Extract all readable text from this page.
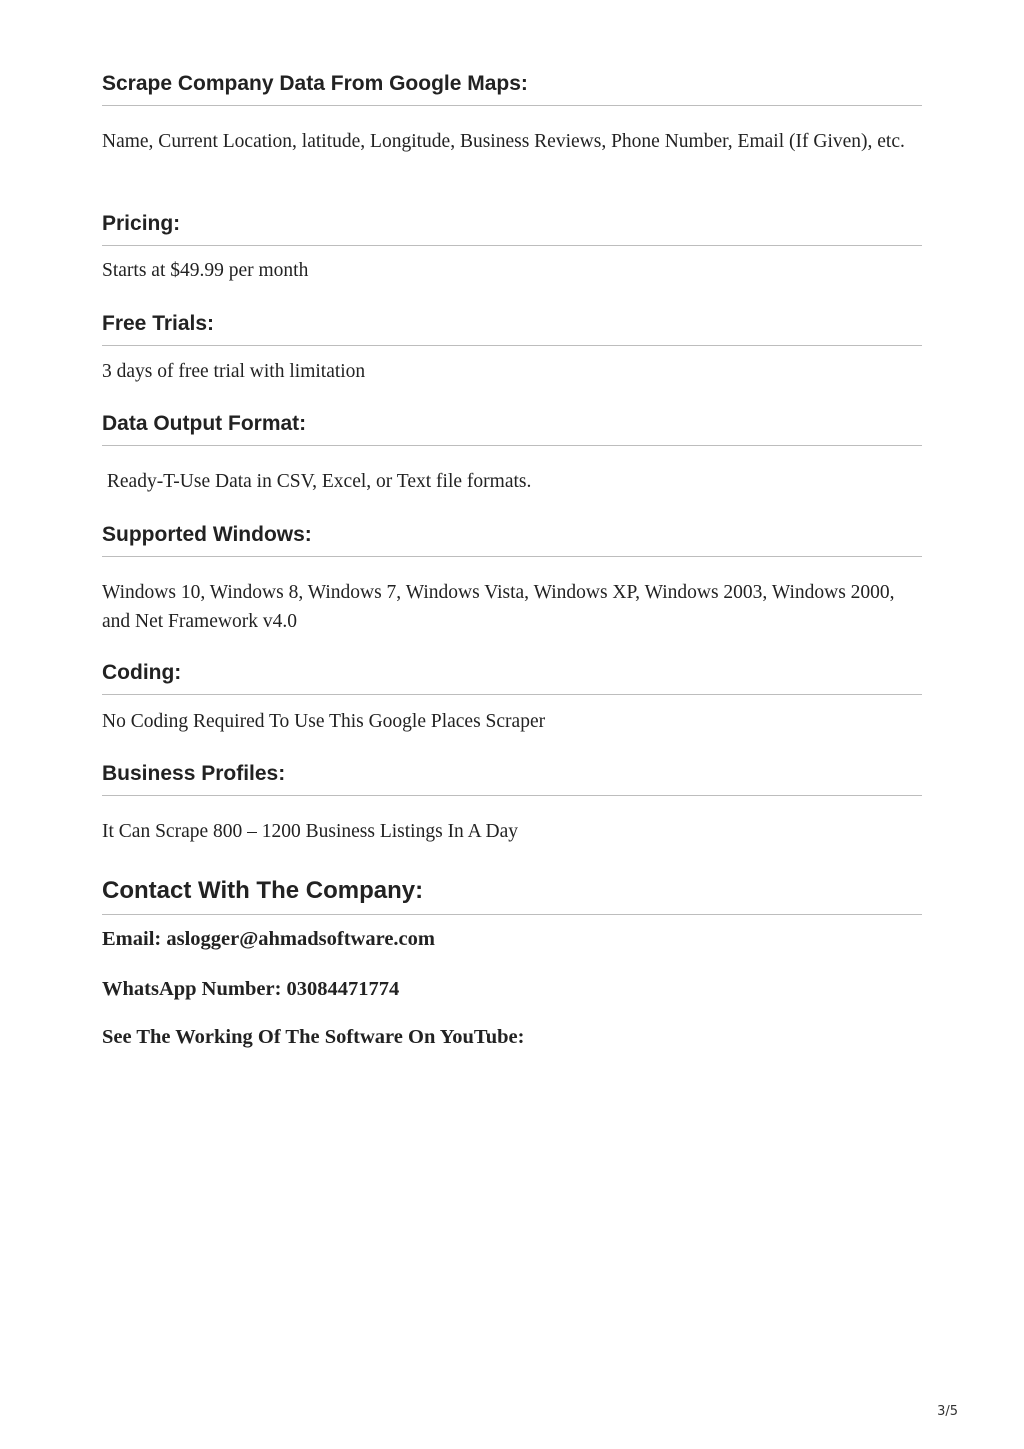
Scrape Company Data From Google Maps:

Name, Current Location, latitude, Longitude, Business Reviews, Phone Number, Email (If Given), etc.

Pricing:

Starts at $49.99 per month

Free Trials:

3 days of free trial with limitation

Data Output Format:

Ready-T-Use Data in CSV, Excel, or Text file formats.

Supported Windows:

Windows 10, Windows 8, Windows 7, Windows Vista, Windows XP, Windows 2003, Windows 2000, and Net Framework v4.0

Coding:

No Coding Required To Use This Google Places Scraper

Business Profiles:

It Can Scrape 800 – 1200 Business Listings In A Day

Contact With The Company:

Email: aslogger@ahmadsoftware.com

WhatsApp Number: 03084471774

See The Working Of The Software On YouTube:

3/5
